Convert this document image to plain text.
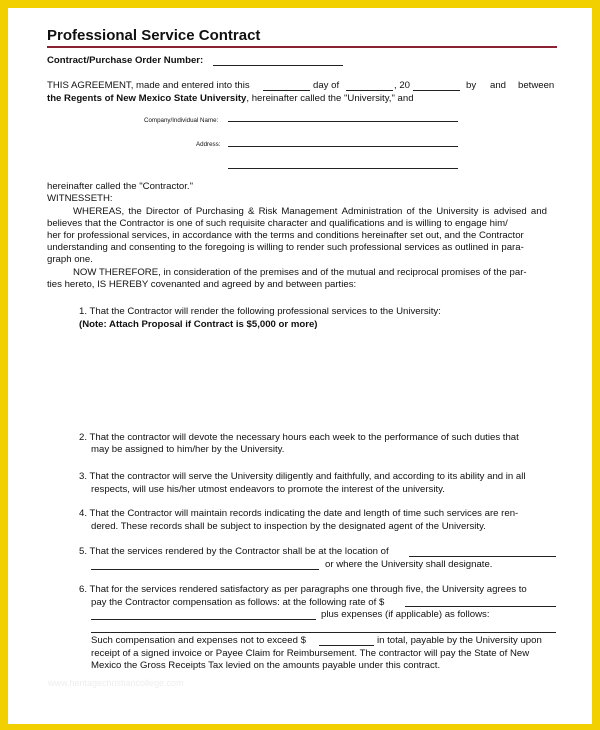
Professional Service Contract
Contract/Purchase Order Number:
THIS AGREEMENT, made and entered into this	day of	, 20	by and between
the Regents of New Mexico State University, hereinafter called the "University," and
Company/Individual Name:
Address:
hereinafter called the "Contractor."
WITNESSETH:
WHEREAS, the Director of Purchasing & Risk Management Administration of the University is advised and
believes that the Contractor is one of such requisite character and qualifications and is willing to engage him/
her for professional services, in accordance with the terms and conditions hereinafter set out, and the Contractor
understanding and consenting to the foregoing is willing to render such professional services as outlined in para-
graph one.
NOW THEREFORE, in consideration of the premises and of the mutual and reciprocal promises of the par-
ties hereto, IS HEREBY covenanted and agreed by and between parties:
1. That the Contractor will render the following professional services to the University:
(Note: Attach Proposal if Contract is $5,000 or more)
2. That the contractor will devote the necessary hours each week to the performance of such duties that
may be assigned to him/her by the University.
3. That the contractor will serve the University diligently and faithfully, and according to its ability and in all
respects, will use his/her utmost endeavors to promote the interest of the university.
4. That the Contractor will maintain records indicating the date and length of time such services are ren-
dered. These records shall be subject to inspection by the designated agent of the University.
5. That the services rendered by the Contractor shall be at the location of
or where the University shall designate.
6. That for the services rendered satisfactory as per paragraphs one through five, the University agrees to
pay the Contractor compensation as follows: at the following rate of $
plus expenses (if applicable) as follows:
Such compensation and expenses not to exceed $	in total, payable by the University upon
receipt of a signed invoice or Payee Claim for Reimbursement. The contractor will pay the State of New
Mexico the Gross Receipts Tax levied on the amounts payable under this contract.
www.heritagechristiancollege.com
